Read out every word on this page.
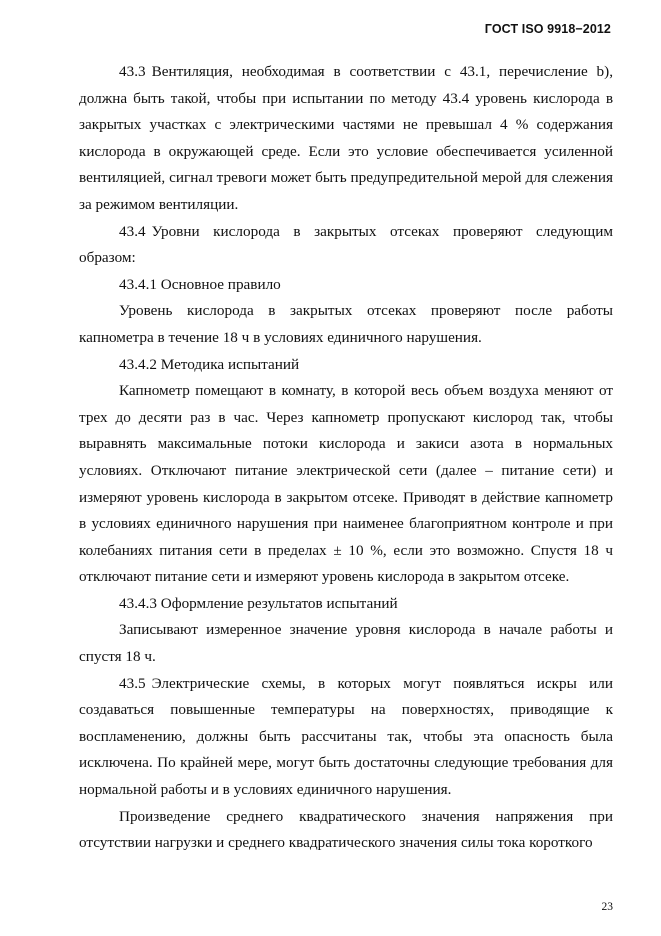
ГОСТ ISO 9918−2012

43.3 Вентиляция, необходимая в соответствии с 43.1, перечисление b), должна быть такой, чтобы при испытании по методу 43.4 уровень кислорода в закрытых участках с электрическими частями не превышал 4 % содержания кислорода в окружающей среде. Если это условие обеспечивается усиленной вентиляцией, сигнал тревоги может быть предупредительной мерой для слежения за режимом вентиляции.

43.4 Уровни кислорода в закрытых отсеках проверяют следующим образом:

43.4.1 Основное правило

Уровень кислорода в закрытых отсеках проверяют после работы капнометра в течение 18 ч в условиях единичного нарушения.

43.4.2 Методика испытаний

Капнометр помещают в комнату, в которой весь объем воздуха меняют от трех до десяти раз в час. Через капнометр пропускают кислород так, чтобы выравнять максимальные потоки кислорода и закиси азота в нормальных условиях. Отключают питание электрической сети (далее – питание сети) и измеряют уровень кислорода в закрытом отсеке. Приводят в действие капнометр в условиях единичного нарушения при наименее благоприятном контроле и при колебаниях питания сети в пределах ± 10 %, если это возможно. Спустя 18 ч отключают питание сети и измеряют уровень кислорода в закрытом отсеке.

43.4.3 Оформление результатов испытаний

Записывают измеренное значение уровня кислорода в начале работы и спустя 18 ч.

43.5 Электрические схемы, в которых могут появляться искры или создаваться повышенные температуры на поверхностях, приводящие к воспламенению, должны быть рассчитаны так, чтобы эта опасность была исключена. По крайней мере, могут быть достаточны следующие требования для нормальной работы и в условиях единичного нарушения.

Произведение среднего квадратического значения напряжения при отсутствии нагрузки и среднего квадратического значения силы тока короткого

23
